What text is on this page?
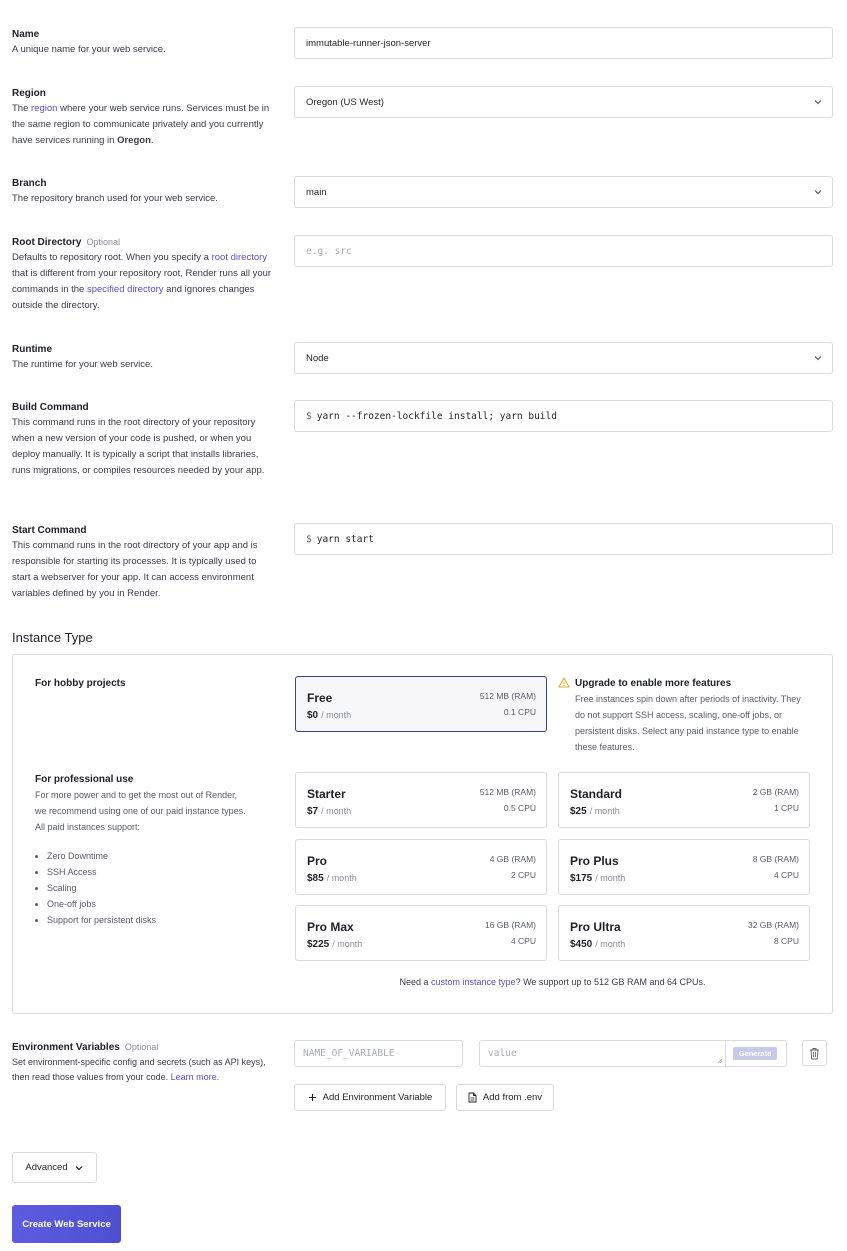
Name
A unique name for your web service.
immutable-runner-json-server
Region
The region where your web service runs. Services must be in the same region to communicate privately and you currently have services running in Oregon.
Oregon (US West)
Branch
The repository branch used for your web service.
main
Root Directory Optional
Defaults to repository root. When you specify a root directory that is different from your repository root, Render runs all your commands in the specified directory and ignores changes outside the directory.
e.g. src
Runtime
The runtime for your web service.
Node
Build Command
This command runs in the root directory of your repository when a new version of your code is pushed, or when you deploy manually. It is typically a script that installs libraries, runs migrations, or compiles resources needed by your app.
$ yarn --frozen-lockfile install; yarn build
Start Command
This command runs in the root directory of your app and is responsible for starting its processes. It is typically used to start a webserver for your app. It can access environment variables defined by you in Render.
$ yarn start
Instance Type
For hobby projects
Free
$0 / month
512 MB (RAM)
0.1 CPU
Upgrade to enable more features
Free instances spin down after periods of inactivity. They do not support SSH access, scaling, one-off jobs, or persistent disks. Select any paid instance type to enable these features.
For professional use
For more power and to get the most out of Render, we recommend using one of our paid instance types. All paid instances support:
Zero Downtime
SSH Access
Scaling
One-off jobs
Support for persistent disks
Starter
$7 / month
512 MB (RAM)
0.5 CPU
Standard
$25 / month
2 GB (RAM)
1 CPU
Pro
$85 / month
4 GB (RAM)
2 CPU
Pro Plus
$175 / month
8 GB (RAM)
4 CPU
Pro Max
$225 / month
16 GB (RAM)
4 CPU
Pro Ultra
$450 / month
32 GB (RAM)
8 CPU
Need a custom instance type? We support up to 512 GB RAM and 64 CPUs.
Environment Variables Optional
Set environment-specific config and secrets (such as API keys), then read those values from your code. Learn more.
NAME_OF_VARIABLE	value	Generate
Add Environment Variable	Add from .env
Advanced
Create Web Service
